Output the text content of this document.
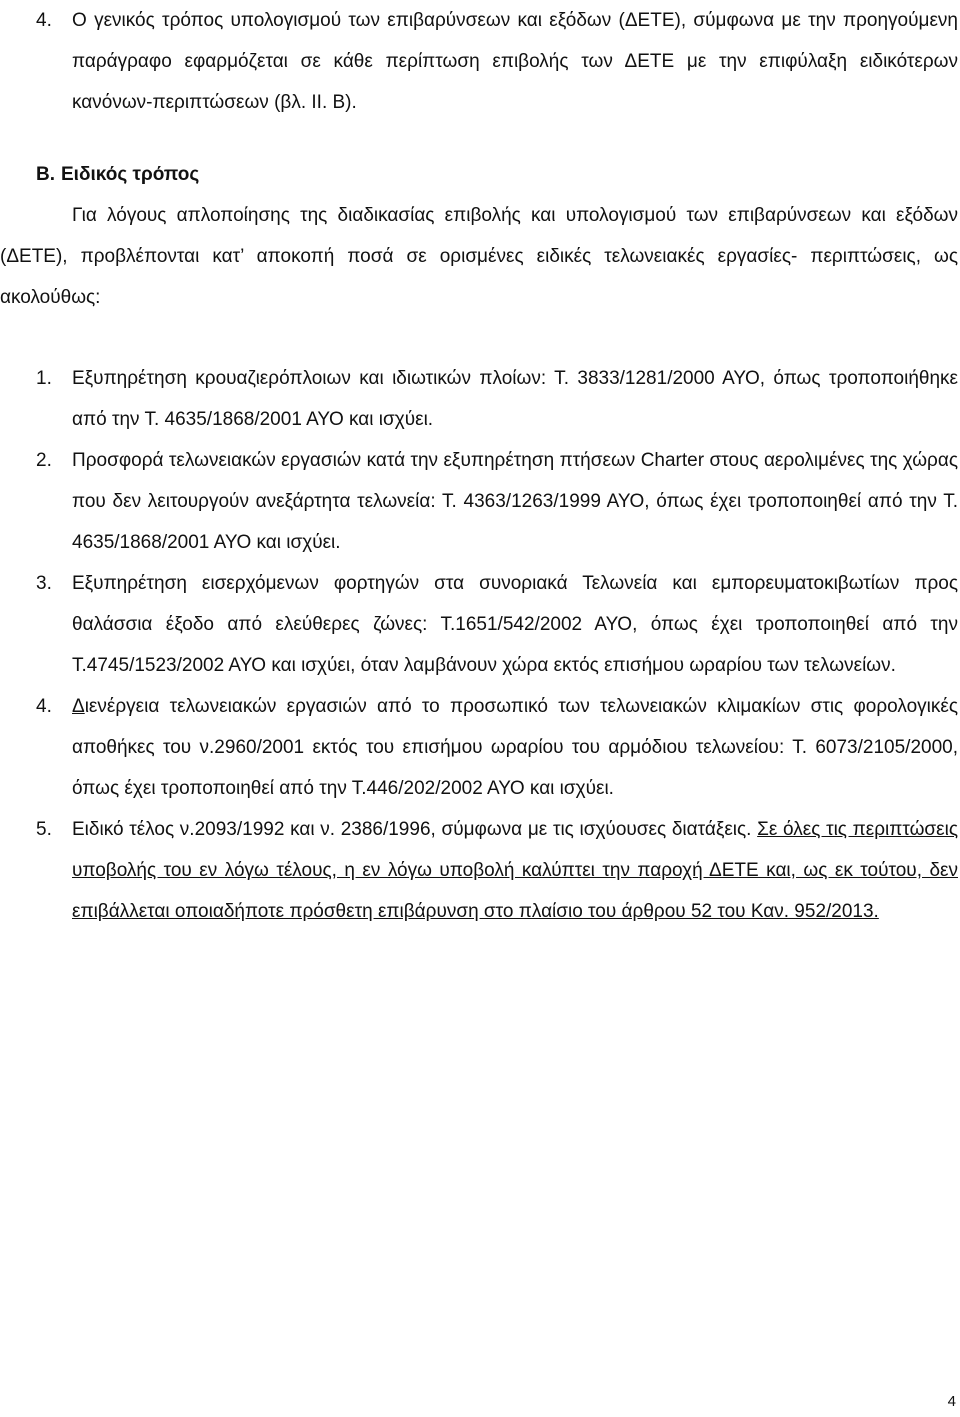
4.	Ο γενικός τρόπος υπολογισμού των επιβαρύνσεων και εξόδων (ΔΕΤΕ), σύμφωνα με την προηγούμενη παράγραφο εφαρμόζεται σε κάθε περίπτωση επιβολής των ΔΕΤΕ με την επιφύλαξη ειδικότερων κανόνων-περιπτώσεων (βλ. ΙΙ. Β).
Β. Ειδικός τρόπος

Για λόγους απλοποίησης της διαδικασίας επιβολής και υπολογισμού των επιβαρύνσεων και εξόδων (ΔΕΤΕ), προβλέπονται κατ’ αποκοπή ποσά σε ορισμένες ειδικές τελωνειακές εργασίες- περιπτώσεις, ως ακολούθως:

1.	Εξυπηρέτηση κρουαζιερόπλοιων και ιδιωτικών πλοίων: Τ. 3833/1281/2000 ΑΥΟ, όπως τροποποιήθηκε από την Τ. 4635/1868/2001 ΑΥΟ και ισχύει.
2.	Προσφορά τελωνειακών εργασιών κατά την εξυπηρέτηση πτήσεων Charter στους αερολιμένες της χώρας που δεν λειτουργούν ανεξάρτητα τελωνεία: Τ. 4363/1263/1999 ΑΥΟ, όπως έχει τροποποιηθεί από την Τ. 4635/1868/2001 ΑΥΟ και ισχύει.
3.	Εξυπηρέτηση εισερχόμενων φορτηγών στα συνοριακά Τελωνεία και εμπορευματοκιβωτίων προς θαλάσσια έξοδο από ελεύθερες ζώνες: Τ.1651/542/2002 ΑΥΟ, όπως έχει τροποποιηθεί από την Τ.4745/1523/2002 ΑΥΟ και ισχύει, όταν λαμβάνουν χώρα εκτός επισήμου ωραρίου των τελωνείων.
4.	Διενέργεια τελωνειακών εργασιών από το προσωπικό των τελωνειακών κλιμακίων στις φορολογικές αποθήκες του ν.2960/2001 εκτός του επισήμου ωραρίου του αρμόδιου τελωνείου: Τ. 6073/2105/2000, όπως έχει τροποποιηθεί από την Τ.446/202/2002 ΑΥΟ και ισχύει.
5.	Ειδικό τέλος ν.2093/1992 και ν. 2386/1996, σύμφωνα με τις ισχύουσες διατάξεις. Σε όλες τις περιπτώσεις υποβολής του εν λόγω τέλους, η εν λόγω υποβολή καλύπτει την παροχή ΔΕΤΕ και, ως εκ τούτου, δεν επιβάλλεται οποιαδήποτε πρόσθετη επιβάρυνση στο πλαίσιο του άρθρου 52 του Καν. 952/2013.
4
